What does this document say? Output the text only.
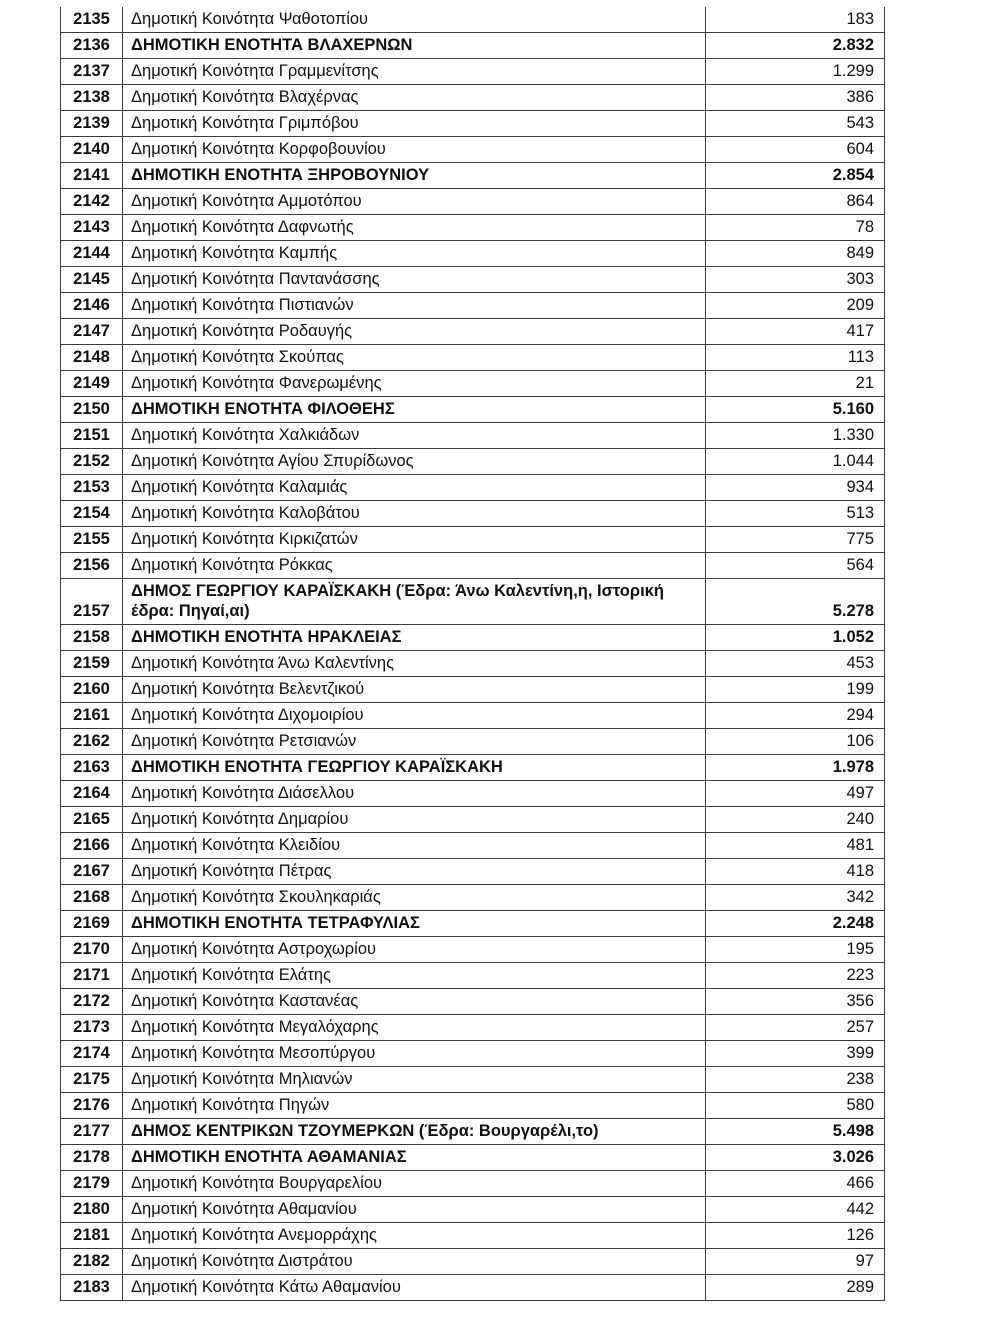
2135	Δημοτική Κοινότητα Ψαθοτοπίου	183
2136	ΔΗΜΟΤΙΚΗ ΕΝΟΤΗΤΑ ΒΛΑΧΕΡΝΩΝ	2.832
2137	Δημοτική Κοινότητα Γραμμενίτσης	1.299
2138	Δημοτική Κοινότητα Βλαχέρνας	386
2139	Δημοτική Κοινότητα Γριμπόβου	543
2140	Δημοτική Κοινότητα Κορφοβουνίου	604
2141	ΔΗΜΟΤΙΚΗ ΕΝΟΤΗΤΑ ΞΗΡΟΒΟΥΝΙΟΥ	2.854
2142	Δημοτική Κοινότητα Αμμοτόπου	864
2143	Δημοτική Κοινότητα Δαφνωτής	78
2144	Δημοτική Κοινότητα Καμπής	849
2145	Δημοτική Κοινότητα Παντανάσσης	303
2146	Δημοτική Κοινότητα Πιστιανών	209
2147	Δημοτική Κοινότητα Ροδαυγής	417
2148	Δημοτική Κοινότητα Σκούπας	113
2149	Δημοτική Κοινότητα Φανερωμένης	21
2150	ΔΗΜΟΤΙΚΗ ΕΝΟΤΗΤΑ ΦΙΛΟΘΕΗΣ	5.160
2151	Δημοτική Κοινότητα Χαλκιάδων	1.330
2152	Δημοτική Κοινότητα Αγίου Σπυρίδωνος	1.044
2153	Δημοτική Κοινότητα Καλαμιάς	934
2154	Δημοτική Κοινότητα Καλοβάτου	513
2155	Δημοτική Κοινότητα Κιρκιζατών	775
2156	Δημοτική Κοινότητα Ρόκκας	564
2157	ΔΗΜΟΣ ΓΕΩΡΓΙΟΥ ΚΑΡΑΪΣΚΑΚΗ (Έδρα: Άνω Καλεντίνη,η, Ιστορική έδρα: Πηγαί,αι)	5.278
2158	ΔΗΜΟΤΙΚΗ ΕΝΟΤΗΤΑ ΗΡΑΚΛΕΙΑΣ	1.052
2159	Δημοτική Κοινότητα Άνω Καλεντίνης	453
2160	Δημοτική Κοινότητα Βελεντζικού	199
2161	Δημοτική Κοινότητα Διχομοιρίου	294
2162	Δημοτική Κοινότητα Ρετσιανών	106
2163	ΔΗΜΟΤΙΚΗ ΕΝΟΤΗΤΑ ΓΕΩΡΓΙΟΥ ΚΑΡΑΪΣΚΑΚΗ	1.978
2164	Δημοτική Κοινότητα Διάσελλου	497
2165	Δημοτική Κοινότητα Δημαρίου	240
2166	Δημοτική Κοινότητα Κλειδίου	481
2167	Δημοτική Κοινότητα Πέτρας	418
2168	Δημοτική Κοινότητα Σκουληκαριάς	342
2169	ΔΗΜΟΤΙΚΗ ΕΝΟΤΗΤΑ ΤΕΤΡΑΦΥΛΙΑΣ	2.248
2170	Δημοτική Κοινότητα Αστροχωρίου	195
2171	Δημοτική Κοινότητα Ελάτης	223
2172	Δημοτική Κοινότητα Καστανέας	356
2173	Δημοτική Κοινότητα Μεγαλόχαρης	257
2174	Δημοτική Κοινότητα Μεσοπύργου	399
2175	Δημοτική Κοινότητα Μηλιανών	238
2176	Δημοτική Κοινότητα Πηγών	580
2177	ΔΗΜΟΣ ΚΕΝΤΡΙΚΩΝ ΤΖΟΥΜΕΡΚΩΝ (Έδρα: Βουργαρέλι,το)	5.498
2178	ΔΗΜΟΤΙΚΗ ΕΝΟΤΗΤΑ ΑΘΑΜΑΝΙΑΣ	3.026
2179	Δημοτική Κοινότητα Βουργαρελίου	466
2180	Δημοτική Κοινότητα Αθαμανίου	442
2181	Δημοτική Κοινότητα Ανεμορράχης	126
2182	Δημοτική Κοινότητα Διστράτου	97
2183	Δημοτική Κοινότητα Κάτω Αθαμανίου	289
